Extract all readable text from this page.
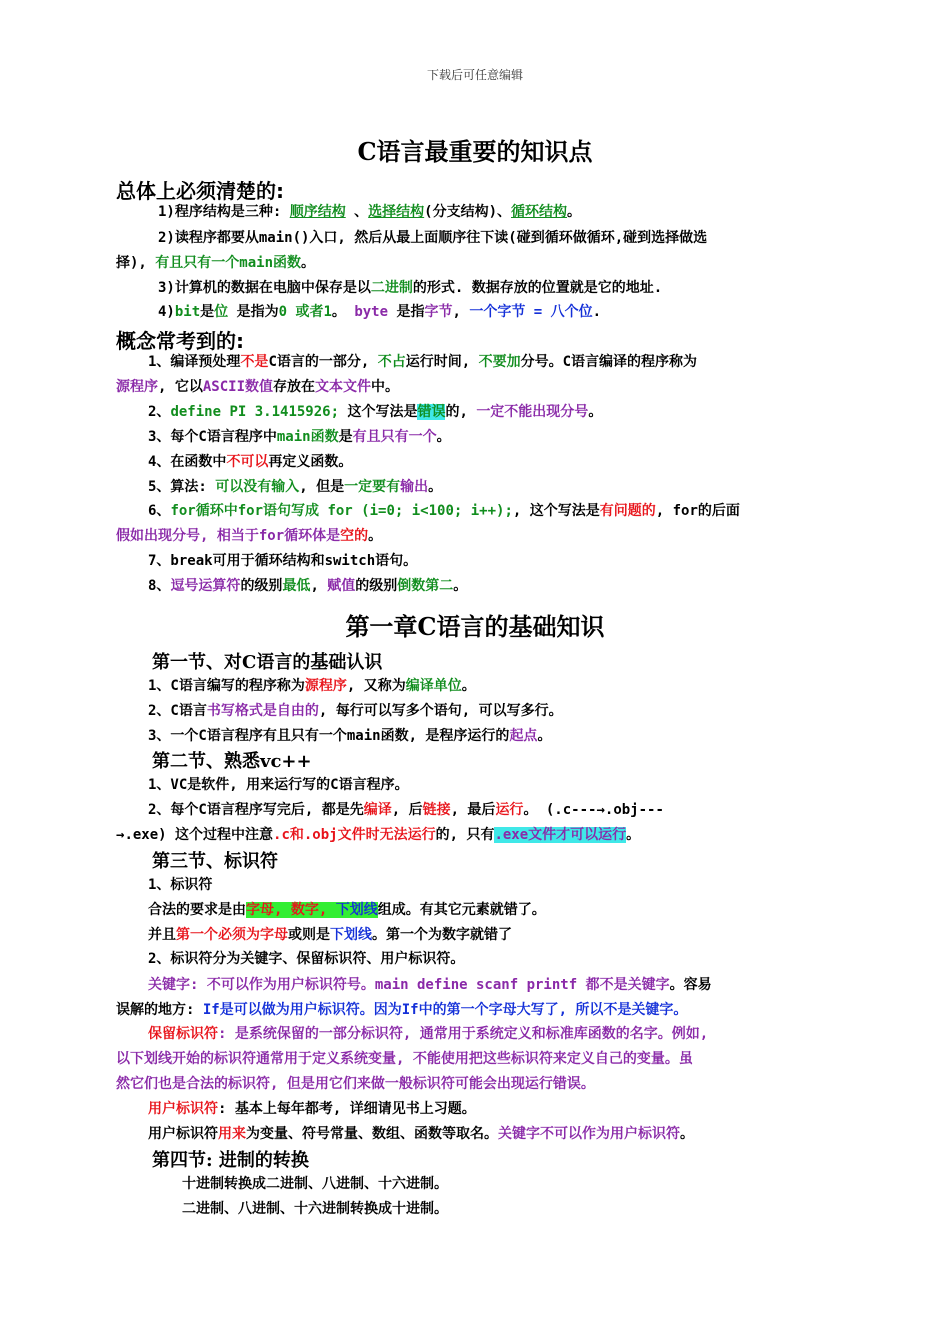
下载后可任意编辑
C语言最重要的知识点
总体上必须清楚的:
1)程序结构是三种: 顺序结构 、选择结构(分支结构)、循环结构。
2)读程序都要从main()入口, 然后从最上面顺序往下读(碰到循环做循环,碰到选择做选
择), 有且只有一个main函数。
3)计算机的数据在电脑中保存是以二进制的形式. 数据存放的位置就是它的地址.
4)bit是位 是指为0 或者1。 byte 是指字节, 一个字节 = 八个位.
概念常考到的:
1、编译预处理不是C语言的一部分, 不占运行时间, 不要加分号。C语言编译的程序称为
源程序, 它以ASCII数值存放在文本文件中。
2、define PI 3.1415926; 这个写法是错误的, 一定不能出现分号。
3、每个C语言程序中main函数是有且只有一个。
4、在函数中不可以再定义函数。
5、算法: 可以没有输入, 但是一定要有输出。
6、for循环中for语句写成 for (i=0; i<100; i++);, 这个写法是有问题的, for的后面
假如出现分号, 相当于for循环体是空的。
7、break可用于循环结构和switch语句。
8、逗号运算符的级别最低, 赋值的级别倒数第二。
第一章C语言的基础知识
第一节、对C语言的基础认识
1、C语言编写的程序称为源程序, 又称为编译单位。
2、C语言书写格式是自由的, 每行可以写多个语句, 可以写多行。
3、一个C语言程序有且只有一个main函数, 是程序运行的起点。
第二节、熟悉vc++
1、VC是软件, 用来运行写的C语言程序。
2、每个C语言程序写完后, 都是先编译, 后链接, 最后运行。 (.c---→.obj---
→.exe) 这个过程中注意.c和.obj文件时无法运行的, 只有.exe文件才可以运行。
第三节、标识符
1、标识符
合法的要求是由字母, 数字, 下划线组成。有其它元素就错了。
并且第一个必须为字母或则是下划线。第一个为数字就错了
2、标识符分为关键字、保留标识符、用户标识符。
关键字: 不可以作为用户标识符号。main define scanf printf 都不是关键字。容易
误解的地方: If是可以做为用户标识符。因为If中的第一个字母大写了, 所以不是关键字。
保留标识符: 是系统保留的一部分标识符, 通常用于系统定义和标准库函数的名字。例如,
以下划线开始的标识符通常用于定义系统变量, 不能使用把这些标识符来定义自己的变量。虽
然它们也是合法的标识符, 但是用它们来做一般标识符可能会出现运行错误。
用户标识符: 基本上每年都考, 详细请见书上习题。
用户标识符用来为变量、符号常量、数组、函数等取名。关键字不可以作为用户标识符。
第四节: 进制的转换
十进制转换成二进制、八进制、十六进制。
二进制、八进制、十六进制转换成十进制。
